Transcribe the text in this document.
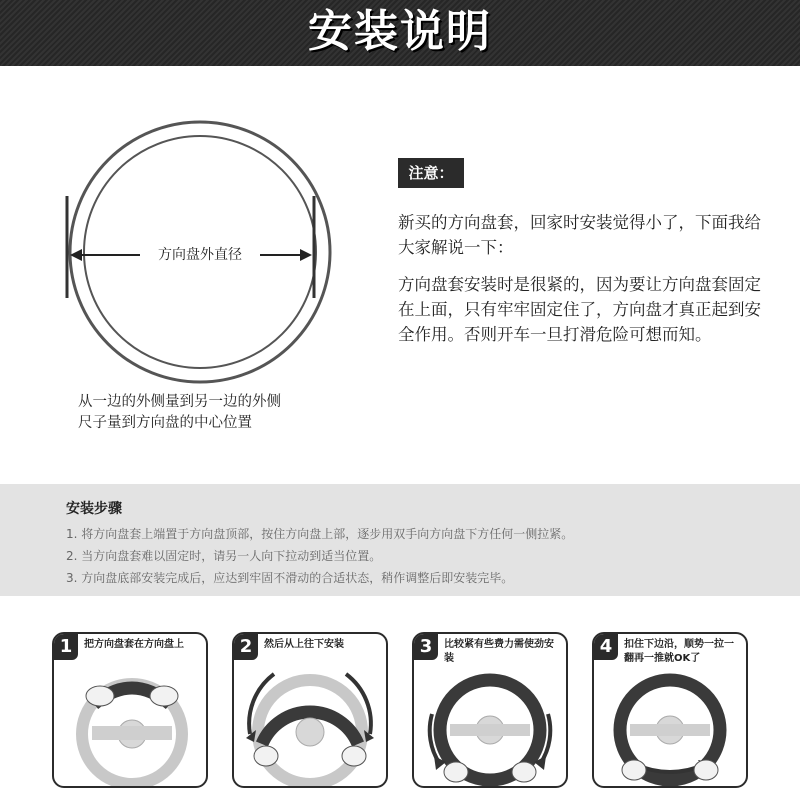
安装说明
方向盘外直径
从一边的外侧量到另一边的外侧
尺子量到方向盘的中心位置
注意：
新买的方向盘套，回家时安装觉得小了，下面我给大家解说一下：
方向盘套安装时是很紧的，因为要让方向盘套固定在上面，只有牢牢固定住了，方向盘才真正起到安全作用。否则开车一旦打滑危险可想而知。
安装步骤
1. 将方向盘套上端置于方向盘顶部，按住方向盘上部，逐步用双手向方向盘下方任何一侧拉紧。
2. 当方向盘套难以固定时，请另一人向下拉动到适当位置。
3. 方向盘底部安装完成后，应达到牢固不滑动的合适状态，稍作调整后即安装完毕。
1	把方向盘套在方向盘上	2	然后从上往下安装	3	比较紧有些费力需使劲安装
4	扣住下边沿，顺势一拉一翻再一推就OK了
